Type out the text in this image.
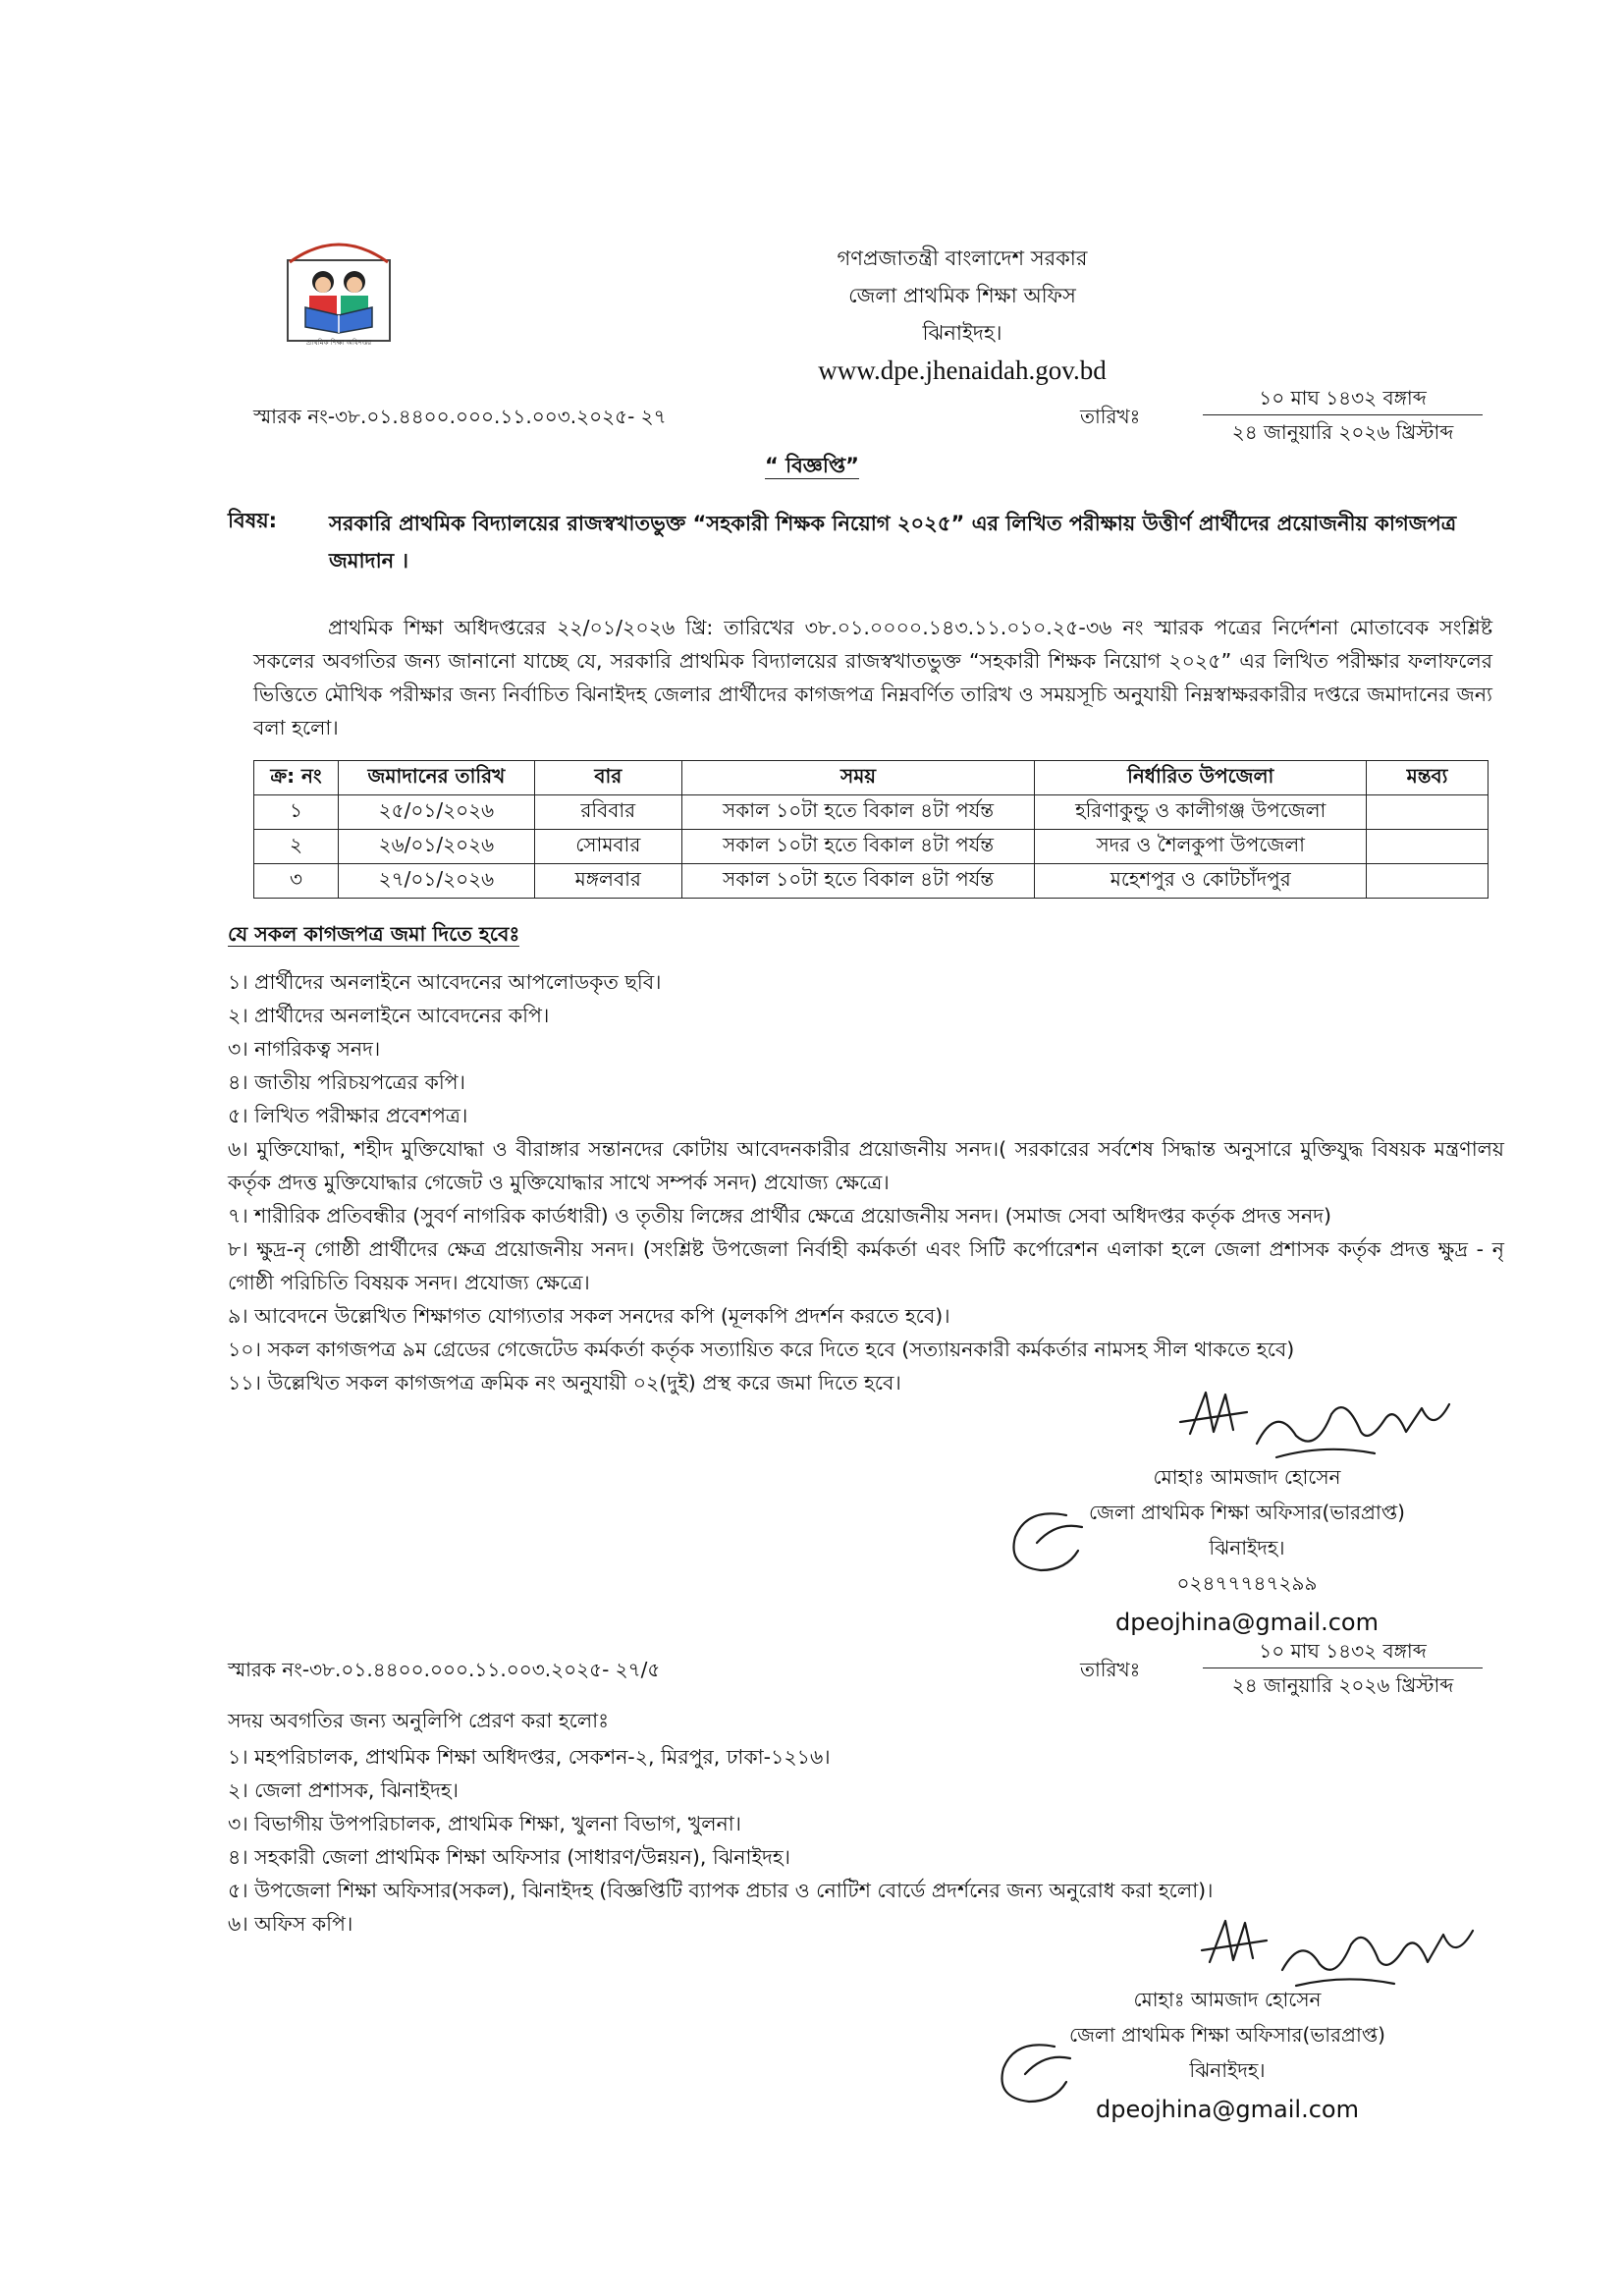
প্রাথমিক শিক্ষা অধিদপ্তর
গণপ্রজাতন্ত্রী বাংলাদেশ সরকার
জেলা প্রাথমিক শিক্ষা অফিস
ঝিনাইদহ।
www.dpe.jhenaidah.gov.bd
স্মারক নং-৩৮.০১.৪৪০০.০০০.১১.০০৩.২০২৫- ২৭	তারিখঃ
১০ মাঘ ১৪৩২ বঙ্গাব্দ
২৪ জানুয়ারি ২০২৬ খ্রিস্টাব্দ
“ বিজ্ঞপ্তি”
বিষয়:	সরকারি প্রাথমিক বিদ্যালয়ের রাজস্বখাতভুক্ত “সহকারী শিক্ষক নিয়োগ ২০২৫” এর লিখিত পরীক্ষায় উত্তীর্ণ প্রার্থীদের প্রয়োজনীয় কাগজপত্র জমাদান ।

প্রাথমিক শিক্ষা অধিদপ্তরের ২২/০১/২০২৬ খ্রি: তারিখের ৩৮.০১.০০০০.১৪৩.১১.০১০.২৫-৩৬ নং স্মারক পত্রের নির্দেশনা মোতাবেক সংশ্লিষ্ট সকলের অবগতির জন্য জানানো যাচ্ছে যে, সরকারি প্রাথমিক বিদ্যালয়ের রাজস্বখাতভুক্ত “সহকারী শিক্ষক নিয়োগ ২০২৫” এর লিখিত পরীক্ষার ফলাফলের ভিত্তিতে মৌখিক পরীক্ষার জন্য নির্বাচিত ঝিনাইদহ জেলার প্রার্থীদের কাগজপত্র নিম্নবর্ণিত তারিখ ও সময়সূচি অনুযায়ী নিম্নস্বাক্ষরকারীর দপ্তরে জমাদানের জন্য বলা হলো।

ক্র: নং	জমাদানের তারিখ	বার	সময়	নির্ধারিত উপজেলা	মন্তব্য
১	২৫/০১/২০২৬	রবিবার	সকাল ১০টা হতে বিকাল ৪টা পর্যন্ত	হরিণাকুন্ডু ও কালীগঞ্জ উপজেলা	
২	২৬/০১/২০২৬	সোমবার	সকাল ১০টা হতে বিকাল ৪টা পর্যন্ত	সদর ও শৈলকুপা উপজেলা	
৩	২৭/০১/২০২৬	মঙ্গলবার	সকাল ১০টা হতে বিকাল ৪টা পর্যন্ত	মহেশপুর ও কোটচাঁদপুর	
যে সকল কাগজপত্র জমা দিতে হবেঃ
১। প্রার্থীদের অনলাইনে আবেদনের আপলোডকৃত ছবি।
২। প্রার্থীদের অনলাইনে আবেদনের কপি।
৩। নাগরিকত্ব সনদ।
৪। জাতীয় পরিচয়পত্রের কপি।
৫। লিখিত পরীক্ষার প্রবেশপত্র।
৬। মুক্তিযোদ্ধা, শহীদ মুক্তিযোদ্ধা ও বীরাঙ্গার সন্তানদের কোটায় আবেদনকারীর প্রয়োজনীয় সনদ।( সরকারের সর্বশেষ সিদ্ধান্ত অনুসারে মুক্তিযুদ্ধ বিষয়ক মন্ত্রণালয় কর্তৃক প্রদত্ত মুক্তিযোদ্ধার গেজেট ও মুক্তিযোদ্ধার সাথে সম্পর্ক সনদ) প্রযোজ্য ক্ষেত্রে।
৭। শারীরিক প্রতিবন্ধীর (সুবর্ণ নাগরিক কার্ডধারী) ও তৃতীয় লিঙ্গের প্রার্থীর ক্ষেত্রে প্রয়োজনীয় সনদ। (সমাজ সেবা অধিদপ্তর কর্তৃক প্রদত্ত সনদ)
৮। ক্ষুদ্র-নৃ গোষ্ঠী প্রার্থীদের ক্ষেত্র প্রয়োজনীয় সনদ। (সংশ্লিষ্ট উপজেলা নির্বাহী কর্মকর্তা এবং সিটি কর্পোরেশন এলাকা হলে জেলা প্রশাসক কর্তৃক প্রদত্ত ক্ষুদ্র - নৃ গোষ্ঠী পরিচিতি বিষয়ক সনদ। প্রযোজ্য ক্ষেত্রে।
৯। আবেদনে উল্লেখিত শিক্ষাগত যোগ্যতার সকল সনদের কপি (মূলকপি প্রদর্শন করতে হবে)।
১০। সকল কাগজপত্র ৯ম গ্রেডের গেজেটেড কর্মকর্তা কর্তৃক সত্যায়িত করে দিতে হবে (সত্যায়নকারী কর্মকর্তার নামসহ সীল থাকতে হবে)
১১। উল্লেখিত সকল কাগজপত্র ক্রমিক নং অনুযায়ী ০২(দুই) প্রস্থ করে জমা দিতে হবে।
মোহাঃ আমজাদ হোসেন
জেলা প্রাথমিক শিক্ষা অফিসার(ভারপ্রাপ্ত)
ঝিনাইদহ।
০২৪৭৭৭৪৭২৯৯
dpeojhina@gmail.com
স্মারক নং-৩৮.০১.৪৪০০.০০০.১১.০০৩.২০২৫- ২৭/৫	তারিখঃ
১০ মাঘ ১৪৩২ বঙ্গাব্দ
২৪ জানুয়ারি ২০২৬ খ্রিস্টাব্দ
সদয় অবগতির জন্য অনুলিপি প্রেরণ করা হলোঃ
১। মহপরিচালক, প্রাথমিক শিক্ষা অধিদপ্তর, সেকশন-২, মিরপুর, ঢাকা-১২১৬।
২। জেলা প্রশাসক, ঝিনাইদহ।
৩। বিভাগীয় উপপরিচালক, প্রাথমিক শিক্ষা, খুলনা বিভাগ, খুলনা।
৪। সহকারী জেলা প্রাথমিক শিক্ষা অফিসার (সাধারণ/উন্নয়ন), ঝিনাইদহ।
৫। উপজেলা শিক্ষা অফিসার(সকল), ঝিনাইদহ (বিজ্ঞপ্তিটি ব্যাপক প্রচার ও নোটিশ বোর্ডে প্রদর্শনের জন্য অনুরোধ করা হলো)।
৬। অফিস কপি।
মোহাঃ আমজাদ হোসেন
জেলা প্রাথমিক শিক্ষা অফিসার(ভারপ্রাপ্ত)
ঝিনাইদহ।
dpeojhina@gmail.com
